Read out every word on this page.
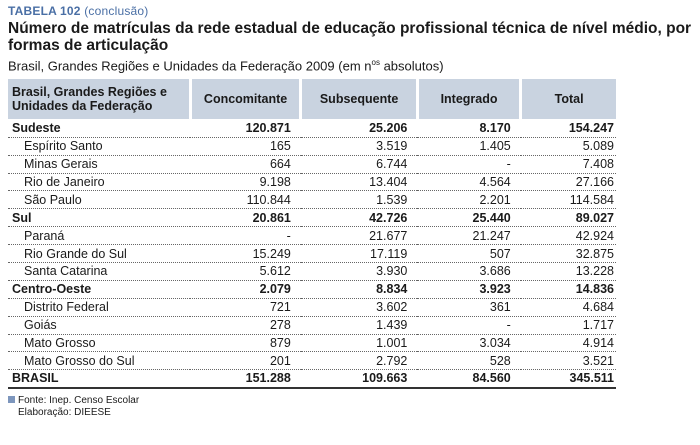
TABELA 102 (conclusão)
Número de matrículas da rede estadual de educação profissional técnica de nível médio, por formas de articulação
Brasil, Grandes Regiões e Unidades da Federação 2009 (em $n^{os}$ absolutos)
Brasil, Grandes Regiões e Unidades da Federação	Concomitante	Subsequente	Integrado	Total
Sudeste	120.871	25.206	8.170	154.247
Espírito Santo	165	3.519	1.405	5.089
Minas Gerais	664	6.744	-	7.408
Rio de Janeiro	9.198	13.404	4.564	27.166
São Paulo	110.844	1.539	2.201	114.584
Sul	20.861	42.726	25.440	89.027
Paraná	-	21.677	21.247	42.924
Rio Grande do Sul	15.249	17.119	507	32.875
Santa Catarina	5.612	3.930	3.686	13.228
Centro-Oeste	2.079	8.834	3.923	14.836
Distrito Federal	721	3.602	361	4.684
Goiás	278	1.439	-	1.717
Mato Grosso	879	1.001	3.034	4.914
Mato Grosso do Sul	201	2.792	528	3.521
BRASIL	151.288	109.663	84.560	345.511
Fonte: Inep. Censo Escolar
Elaboração: DIEESE
